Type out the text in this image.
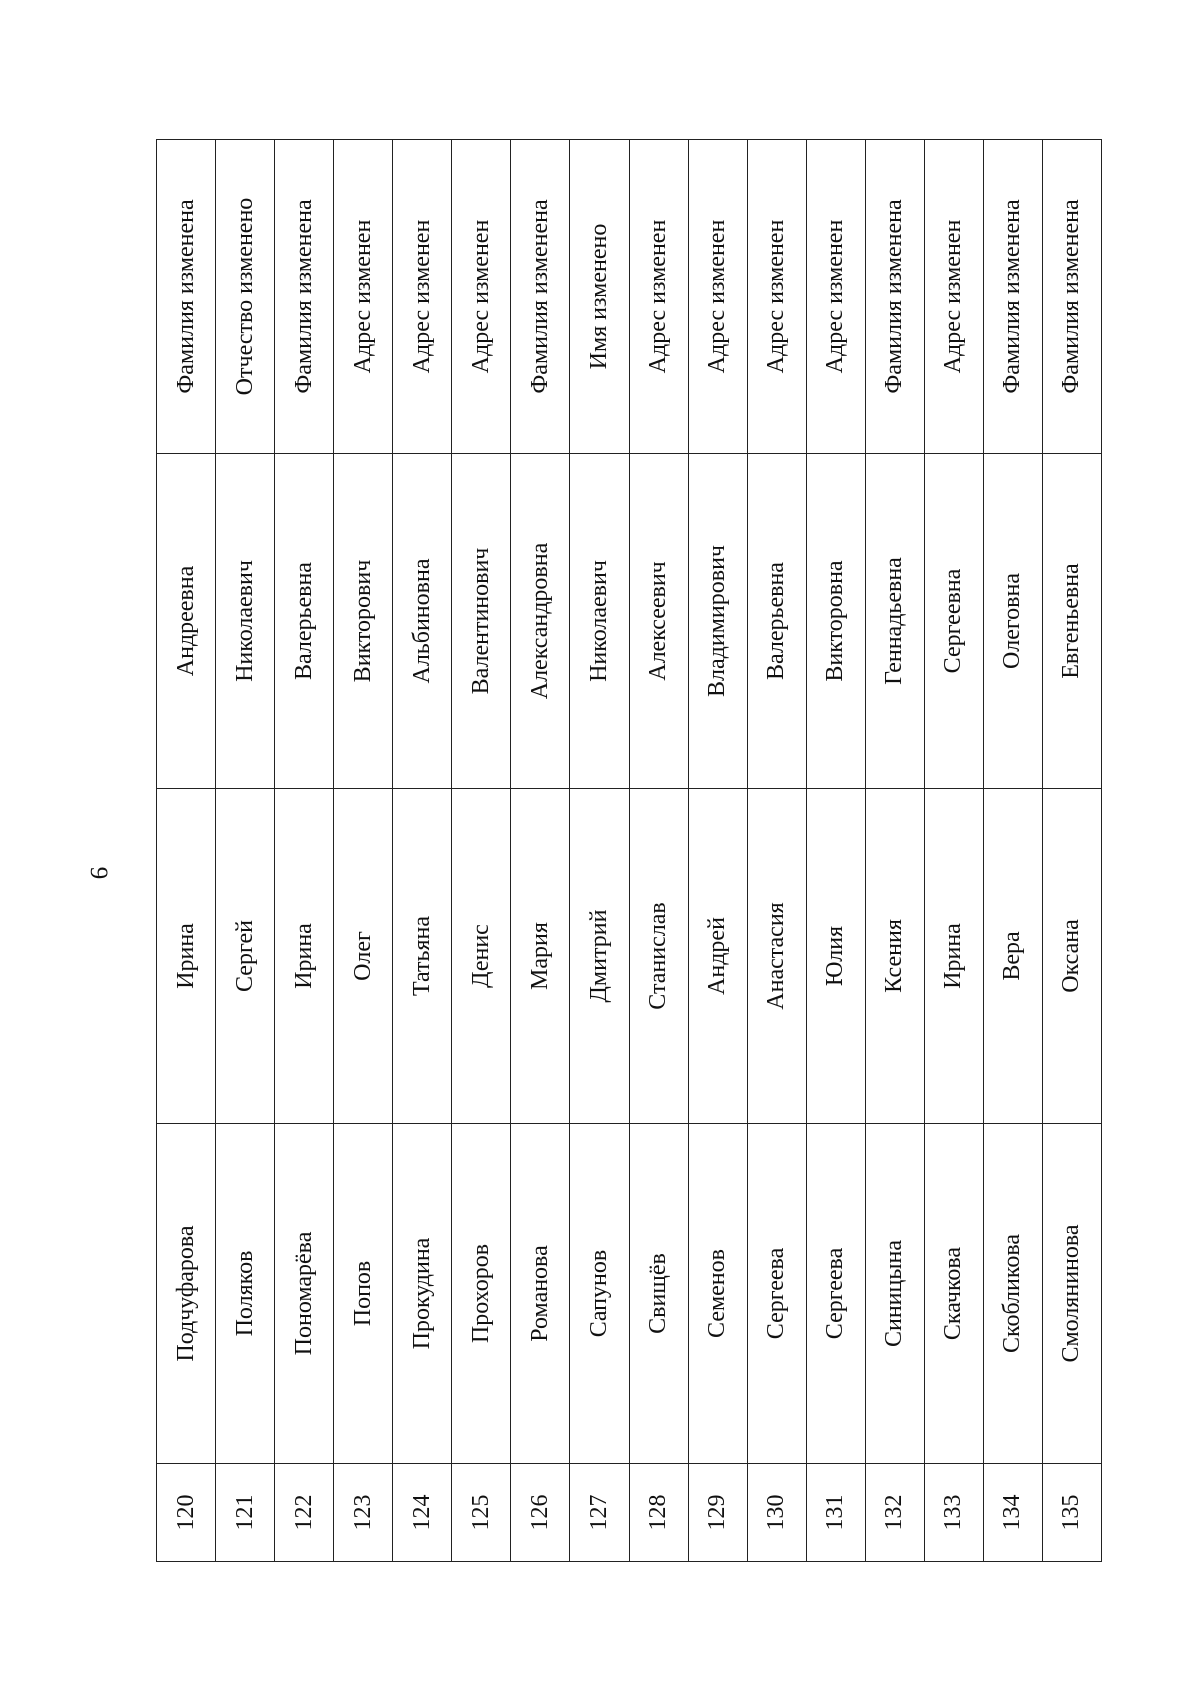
9
120	Подчуфарова	Ирина	Андреевна	Фамилия изменена
121	Поляков	Сергей	Николаевич	Отчество изменено
122	Пономарёва	Ирина	Валерьевна	Фамилия изменена
123	Попов	Олег	Викторович	Адрес изменен
124	Прокудина	Татьяна	Альбиновна	Адрес изменен
125	Прохоров	Денис	Валентинович	Адрес изменен
126	Романова	Мария	Александровна	Фамилия изменена
127	Сапунов	Дмитрий	Николаевич	Имя изменено
128	Свищёв	Станислав	Алексеевич	Адрес изменен
129	Семенов	Андрей	Владимирович	Адрес изменен
130	Сергеева	Анастасия	Валерьевна	Адрес изменен
131	Сергеева	Юлия	Викторовна	Адрес изменен
132	Синицына	Ксения	Геннадьевна	Фамилия изменена
133	Скачкова	Ирина	Сергеевна	Адрес изменен
134	Скобликова	Вера	Олеговна	Фамилия изменена
135	Смолянинова	Оксана	Евгеньевна	Фамилия изменена
